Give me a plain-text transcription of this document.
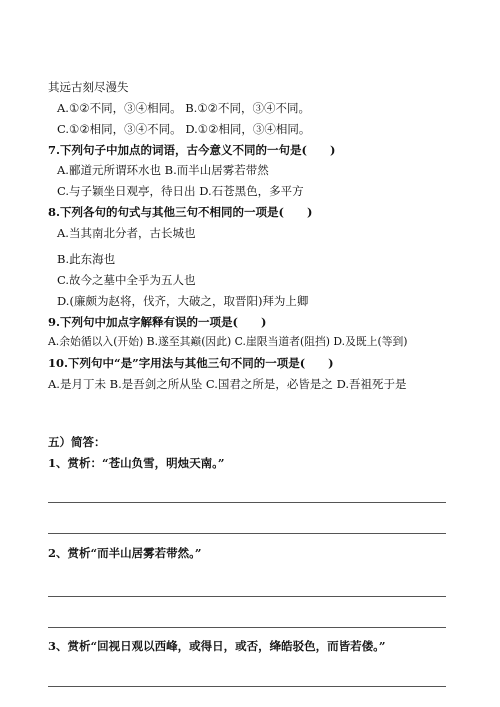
其远古刻尽漫失
A.①②不同，③④相同。 B.①②不同，③④不同。
C.①②相同，③④不同。 D.①②相同，③④相同。
7.下列句子中加点的词语，古今意义不同的一句是(　　)
A.郦道元所谓环水也 B.而半山居雾若带然
C.与子颖坐日观亭，待日出 D.石苍黑色，多平方
8.下列各句的句式与其他三句不相同的一项是(　　)
A.当其南北分者，古长城也
B.此东海也
C.故今之墓中全乎为五人也
D.(廉颇为赵将，伐齐，大破之，取晋阳)拜为上卿
9.下列句中加点字解释有误的一项是(　　)
A.余始循以入(开始) B.遂至其巅(因此) C.崖限当道者(阻挡) D.及既上(等到)
10.下列句中“是”字用法与其他三句不同的一项是(　　)
A.是月丁未 B.是吾剑之所从坠 C.国君之所是，必皆是之 D.吾祖死于是
五）简答：
1、赏析：“苍山负雪，明烛天南。”
2、赏析“而半山居雾若带然。”
3、赏析“回视日观以西峰，或得日，或否，绛皓驳色，而皆若偻。”
